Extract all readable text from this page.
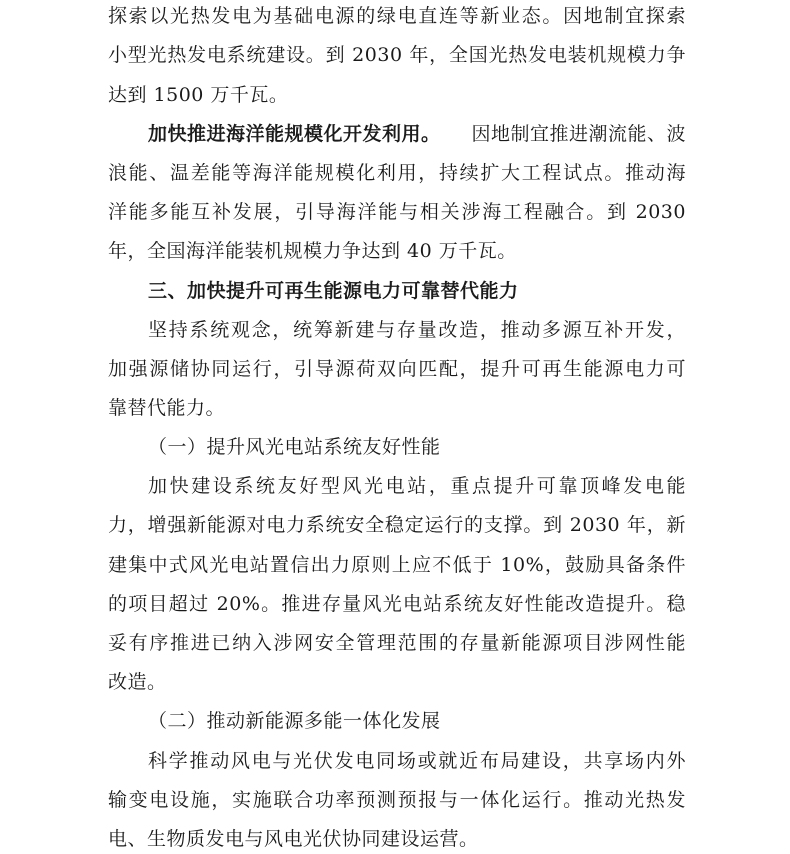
探索以光热发电为基础电源的绿电直连等新业态。因地制宜探索
小型光热发电系统建设。到 2030 年，全国光热发电装机规模力争
达到 1500 万千瓦。
加快推进海洋能规模化开发利用。 因地制宜推进潮流能、波
浪能、温差能等海洋能规模化利用，持续扩大工程试点。推动海
洋能多能互补发展，引导海洋能与相关涉海工程融合。到 2030
年，全国海洋能装机规模力争达到 40 万千瓦。
三、加快提升可再生能源电力可靠替代能力
坚持系统观念，统筹新建与存量改造，推动多源互补开发，
加强源储协同运行，引导源荷双向匹配，提升可再生能源电力可
靠替代能力。
（一）提升风光电站系统友好性能
加快建设系统友好型风光电站，重点提升可靠顶峰发电能
力，增强新能源对电力系统安全稳定运行的支撑。到 2030 年，新
建集中式风光电站置信出力原则上应不低于 10%，鼓励具备条件
的项目超过 20%。推进存量风光电站系统友好性能改造提升。稳
妥有序推进已纳入涉网安全管理范围的存量新能源项目涉网性能
改造。
（二）推动新能源多能一体化发展
科学推动风电与光伏发电同场或就近布局建设，共享场内外
输变电设施，实施联合功率预测预报与一体化运行。推动光热发
电、生物质发电与风电光伏协同建设运营。
